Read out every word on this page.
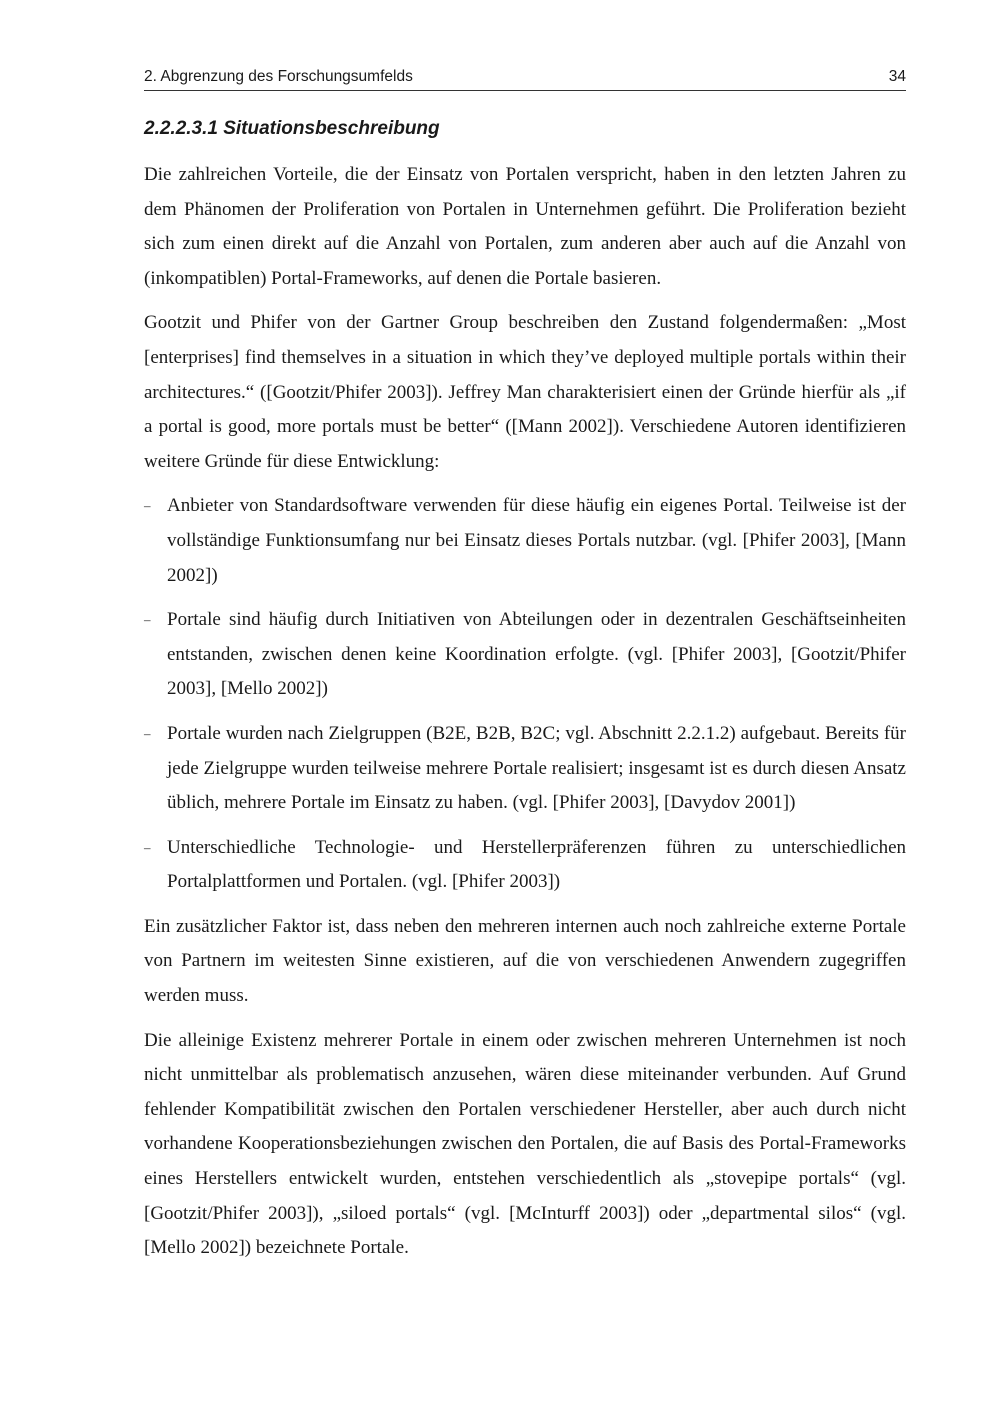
2. Abgrenzung des Forschungsumfelds	34
2.2.2.3.1 Situationsbeschreibung

Die zahlreichen Vorteile, die der Einsatz von Portalen verspricht, haben in den letzten Jahren zu dem Phänomen der Proliferation von Portalen in Unternehmen geführt. Die Proliferation bezieht sich zum einen direkt auf die Anzahl von Portalen, zum anderen aber auch auf die Anzahl von (inkompatiblen) Portal-Frameworks, auf denen die Portale basieren.

Gootzit und Phifer von der Gartner Group beschreiben den Zustand folgendermaßen: „Most [enterprises] find themselves in a situation in which they’ve deployed multiple portals within their architectures.“ ([Gootzit/Phifer 2003]). Jeffrey Man charakterisiert einen der Gründe hierfür als „if a portal is good, more portals must be better“ ([Mann 2002]). Verschiedene Autoren identifizieren weitere Gründe für diese Entwicklung:

– Anbieter von Standardsoftware verwenden für diese häufig ein eigenes Portal. Teilweise ist der vollständige Funktionsumfang nur bei Einsatz dieses Portals nutzbar. (vgl. [Phifer 2003], [Mann 2002])
– Portale sind häufig durch Initiativen von Abteilungen oder in dezentralen Geschäftseinheiten entstanden, zwischen denen keine Koordination erfolgte. (vgl. [Phifer 2003], [Gootzit/Phifer 2003], [Mello 2002])
– Portale wurden nach Zielgruppen (B2E, B2B, B2C; vgl. Abschnitt 2.2.1.2) aufgebaut. Bereits für jede Zielgruppe wurden teilweise mehrere Portale realisiert; insgesamt ist es durch diesen Ansatz üblich, mehrere Portale im Einsatz zu haben. (vgl. [Phifer 2003], [Davydov 2001])
– Unterschiedliche Technologie- und Herstellerpräferenzen führen zu unterschiedlichen Portalplattformen und Portalen. (vgl. [Phifer 2003])

Ein zusätzlicher Faktor ist, dass neben den mehreren internen auch noch zahlreiche externe Portale von Partnern im weitesten Sinne existieren, auf die von verschiedenen Anwendern zugegriffen werden muss.

Die alleinige Existenz mehrerer Portale in einem oder zwischen mehreren Unternehmen ist noch nicht unmittelbar als problematisch anzusehen, wären diese miteinander verbunden. Auf Grund fehlender Kompatibilität zwischen den Portalen verschiedener Hersteller, aber auch durch nicht vorhandene Kooperationsbeziehungen zwischen den Portalen, die auf Basis des Portal-Frameworks eines Herstellers entwickelt wurden, entstehen verschiedentlich als „stovepipe portals“ (vgl. [Gootzit/Phifer 2003]), „siloed portals“ (vgl. [McInturff 2003]) oder „departmental silos“ (vgl. [Mello 2002]) bezeichnete Portale.
